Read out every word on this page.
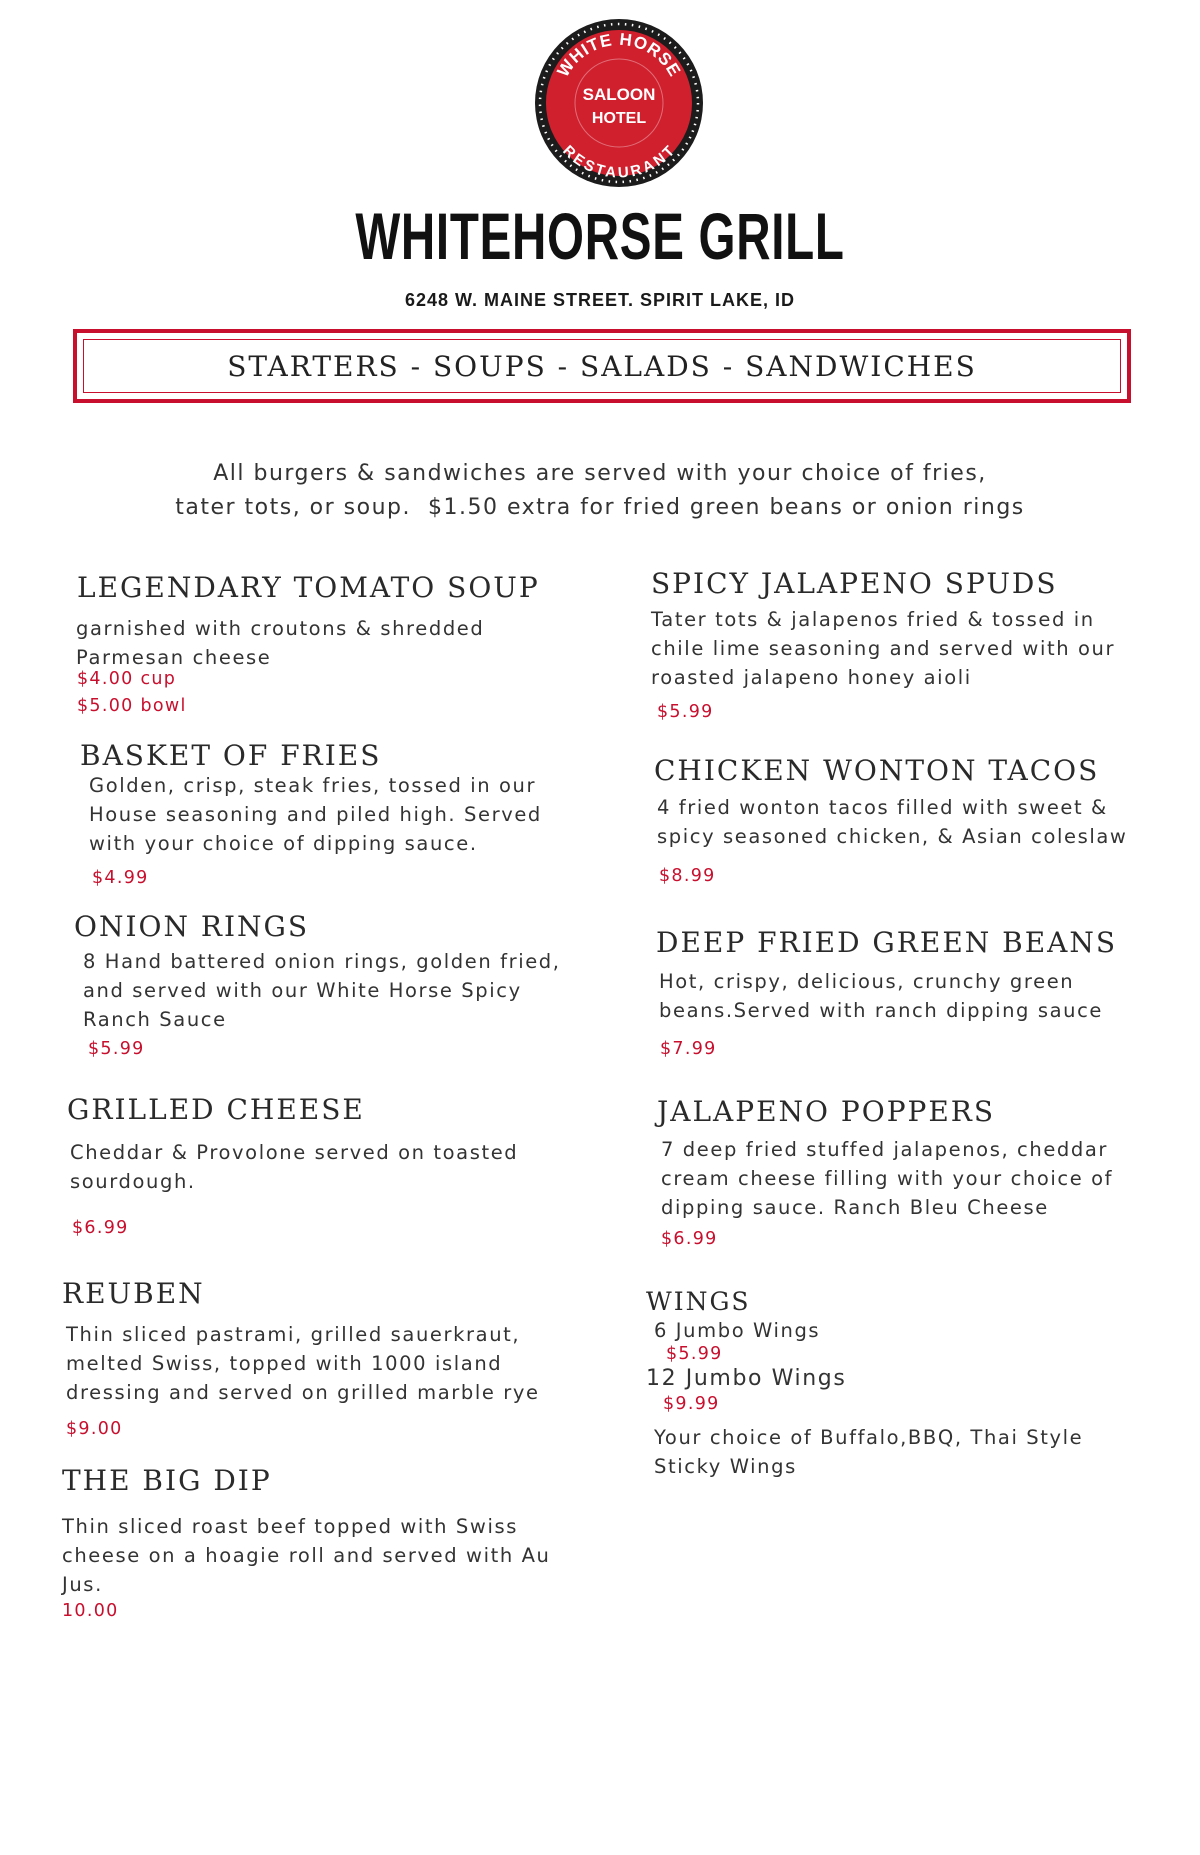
WHITE HORSE
RESTAURANT
SALOON
HOTEL
WHITEHORSE GRILL
6248 W. MAINE STREET. SPIRIT LAKE, ID
STARTERS - SOUPS - SALADS - SANDWICHES
All burgers & sandwiches are served with your choice of fries,
tater tots, or soup.  $1.50 extra for fried green beans or onion rings
LEGENDARY TOMATO SOUP
garnished with croutons & shredded
Parmesan cheese
$4.00 cup
$5.00 bowl
BASKET OF FRIES
Golden, crisp, steak fries, tossed in our
House seasoning and piled high. Served
with your choice of dipping sauce.
$4.99
ONION RINGS
8 Hand battered onion rings, golden fried,
and served with our White Horse Spicy
Ranch Sauce
$5.99
GRILLED CHEESE
Cheddar & Provolone served on toasted
sourdough.
$6.99
REUBEN
Thin sliced pastrami, grilled sauerkraut,
melted Swiss, topped with 1000 island
dressing and served on grilled marble rye
$9.00
THE BIG DIP
Thin sliced roast beef topped with Swiss
cheese on a hoagie roll and served with Au
Jus.
10.00
SPICY JALAPENO SPUDS
Tater tots & jalapenos fried & tossed in
chile lime seasoning and served with our
roasted jalapeno honey aioli
$5.99
CHICKEN WONTON TACOS
4 fried wonton tacos filled with sweet &
spicy seasoned chicken, & Asian coleslaw
$8.99
DEEP FRIED GREEN BEANS
Hot, crispy, delicious, crunchy green
beans.Served with ranch dipping sauce
$7.99
JALAPENO POPPERS
7 deep fried stuffed jalapenos, cheddar
cream cheese filling with your choice of
dipping sauce. Ranch Bleu Cheese
$6.99
WINGS
6 Jumbo Wings
$5.99
12 Jumbo Wings
$9.99
Your choice of Buffalo,BBQ, Thai Style
Sticky Wings
